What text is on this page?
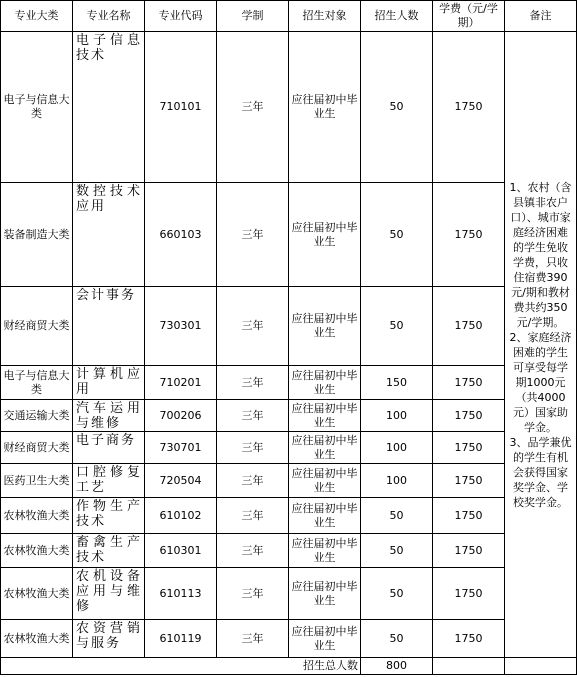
专业大类	专业名称	专业代码	学制	招生对象	招生人数	学费（元/学期）	备注
电子与信息大类	电子信息技术	710101	三年	应往届初中毕业生	50	1750	1、农村（含县镇非农户口）、城市家庭经济困难的学生免收学费，只收住宿费390元/期和教材费共约350元/学期。
2、家庭经济困难的学生可享受每学期1000元（共4000元）国家助学金。
3、品学兼优的学生有机会获得国家奖学金、学校奖学金。
装备制造大类	数控技术应用	660103	三年	应往届初中毕业生	50	1750	
财经商贸大类	会计事务	730301	三年	应往届初中毕业生	50	1750	
电子与信息大类	计算机应用	710201	三年	应往届初中毕业生	150	1750	
交通运输大类	汽车运用与维修	700206	三年	应往届初中毕业生	100	1750	
财经商贸大类	电子商务	730701	三年	应往届初中毕业生	100	1750	
医药卫生大类	口腔修复工艺	720504	三年	应往届初中毕业生	100	1750	
农林牧渔大类	作物生产技术	610102	三年	应往届初中毕业生	50	1750	
农林牧渔大类	畜禽生产技术	610301	三年	应往届初中毕业生	50	1750	
农林牧渔大类	农机设备应用与维修	610113	三年	应往届初中毕业生	50	1750	
农林牧渔大类	农资营销与服务	610119	三年	应往届初中毕业生	50	1750	
招生总人数					800		
